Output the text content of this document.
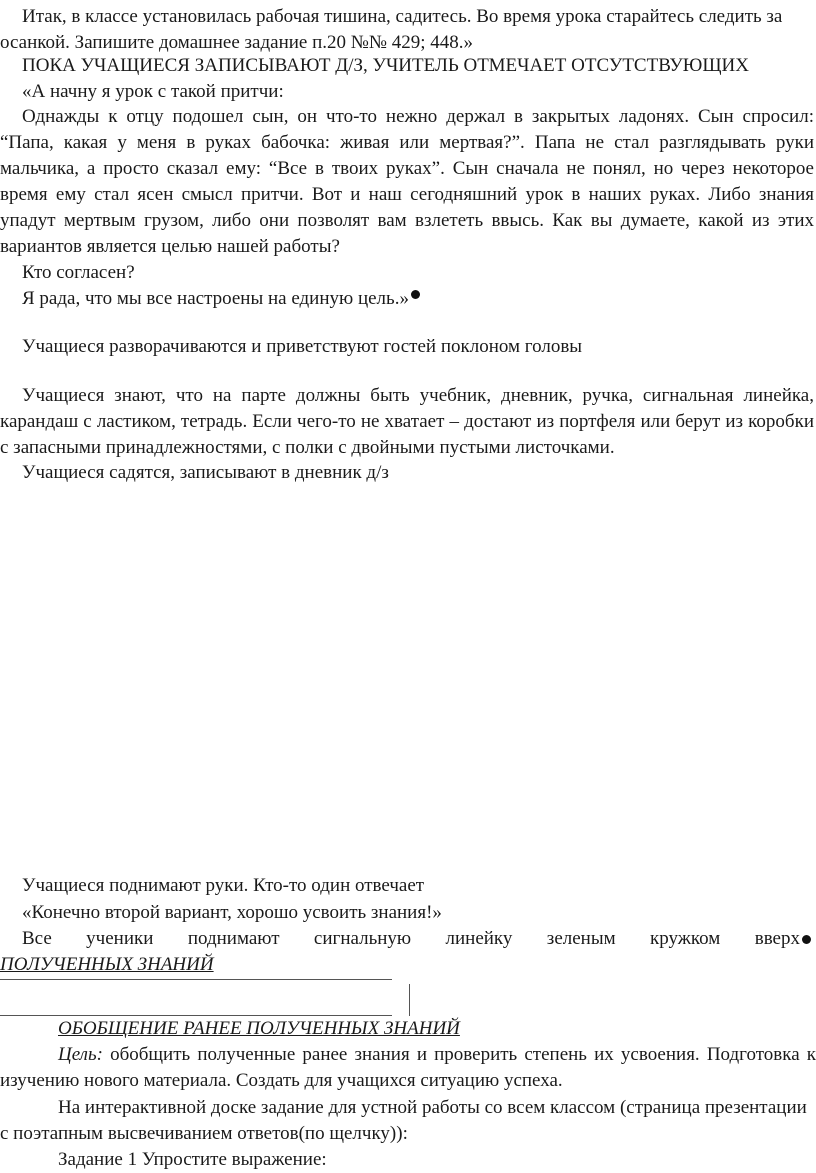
Итак, в классе установилась рабочая тишина, садитесь. Во время урока старайтесь следить за
осанкой. Запишите домашнее задание п.20 №№ 429; 448.»
ПОКА УЧАЩИЕСЯ ЗАПИСЫВАЮТ Д/З, УЧИТЕЛЬ ОТМЕЧАЕТ ОТСУТСТВУЮЩИХ
«А начну я урок с такой притчи:
Однажды к отцу подошел сын, он что-то нежно держал в закрытых ладонях. Сын спросил:
“Папа, какая у меня в руках бабочка: живая или мертвая?”. Папа не стал разглядывать руки
мальчика, а просто сказал ему: “Все в твоих руках”. Сын сначала не понял, но через некоторое
время ему стал ясен смысл притчи. Вот и наш сегодняшний урок в наших руках. Либо знания
упадут мертвым грузом, либо они позволят вам взлететь ввысь. Как вы думаете, какой из этих
вариантов является целью нашей работы?
Кто согласен?
Я рада, что мы все настроены на единую цель.»
Учащиеся разворачиваются и приветствуют гостей поклоном головы
Учащиеся знают, что на парте должны быть учебник, дневник, ручка, сигнальная линейка,
карандаш с ластиком, тетрадь. Если чего-то не хватает – достают из портфеля или берут из коробки
с запасными принадлежностями, с полки с двойными пустыми листочками.
Учащиеся садятся, записывают в дневник д/з
Учащиеся поднимают руки. Кто-то один отвечает
«Конечно второй вариант, хорошо усвоить знания!»
Все ученики поднимают сигнальную линейку зеленым кружком вверх
ПОЛУЧЕННЫХ ЗНАНИЙ
ОБОБЩЕНИЕ РАНЕЕ ПОЛУЧЕННЫХ ЗНАНИЙ
Цель: обобщить полученные ранее знания и проверить степень их усвоения. Подготовка к
изучению нового материала. Создать для учащихся ситуацию успеха.
На интерактивной доске задание для устной работы со всем классом (страница презентации
с поэтапным высвечиванием ответов(по щелчку)):
Задание 1 Упростите выражение:
